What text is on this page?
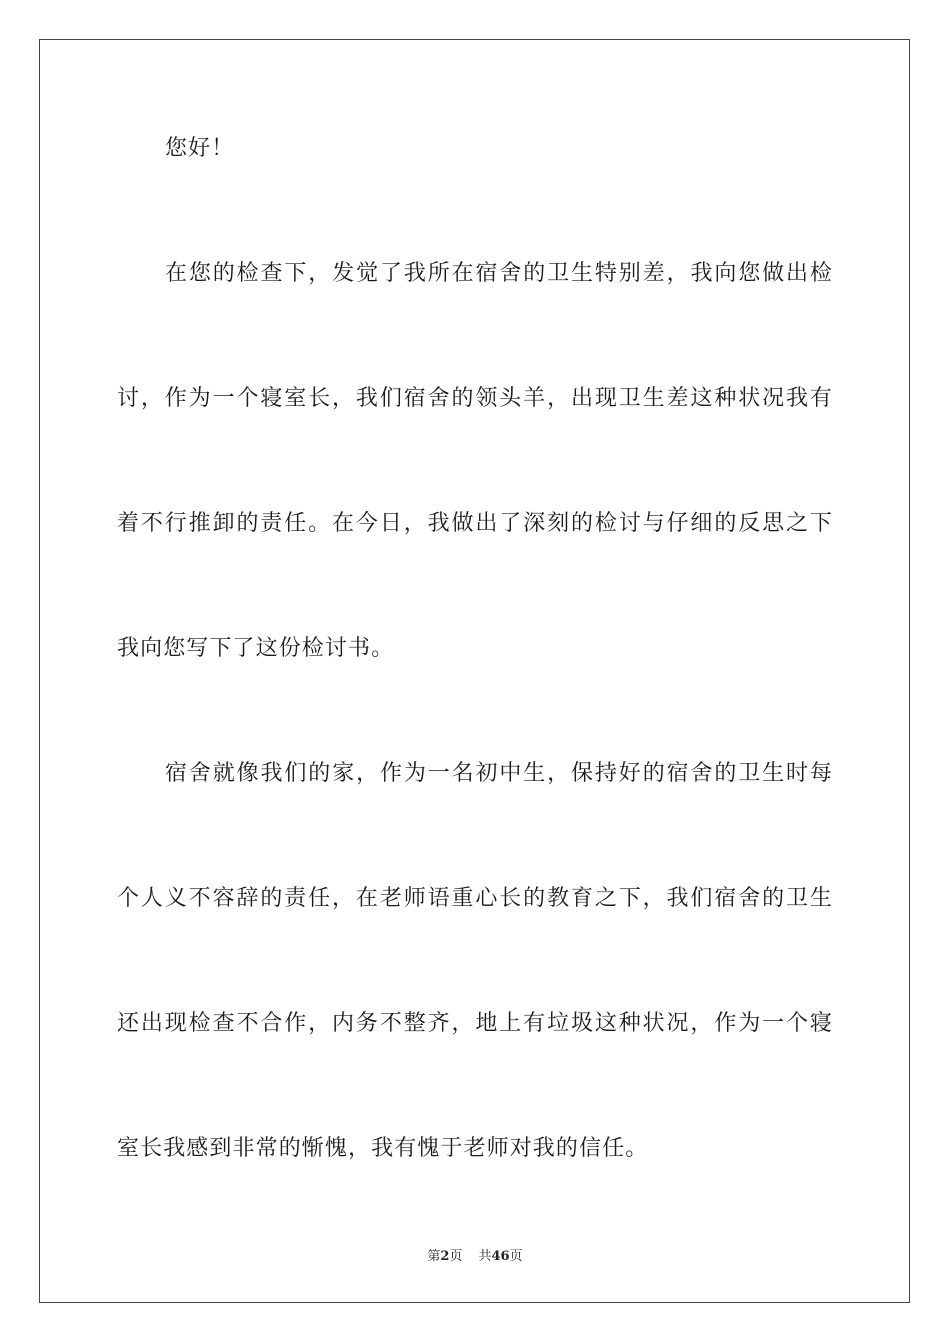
您好！
在您的检查下，发觉了我所在宿舍的卫生特别差，我向您做出检
讨，作为一个寝室长，我们宿舍的领头羊，出现卫生差这种状况我有
着不行推卸的责任。在今日，我做出了深刻的检讨与仔细的反思之下
我向您写下了这份检讨书。
宿舍就像我们的家，作为一名初中生，保持好的宿舍的卫生时每
个人义不容辞的责任，在老师语重心长的教育之下，我们宿舍的卫生
还出现检查不合作，内务不整齐，地上有垃圾这种状况，作为一个寝
室长我感到非常的惭愧，我有愧于老师对我的信任。
第2页 共46页
